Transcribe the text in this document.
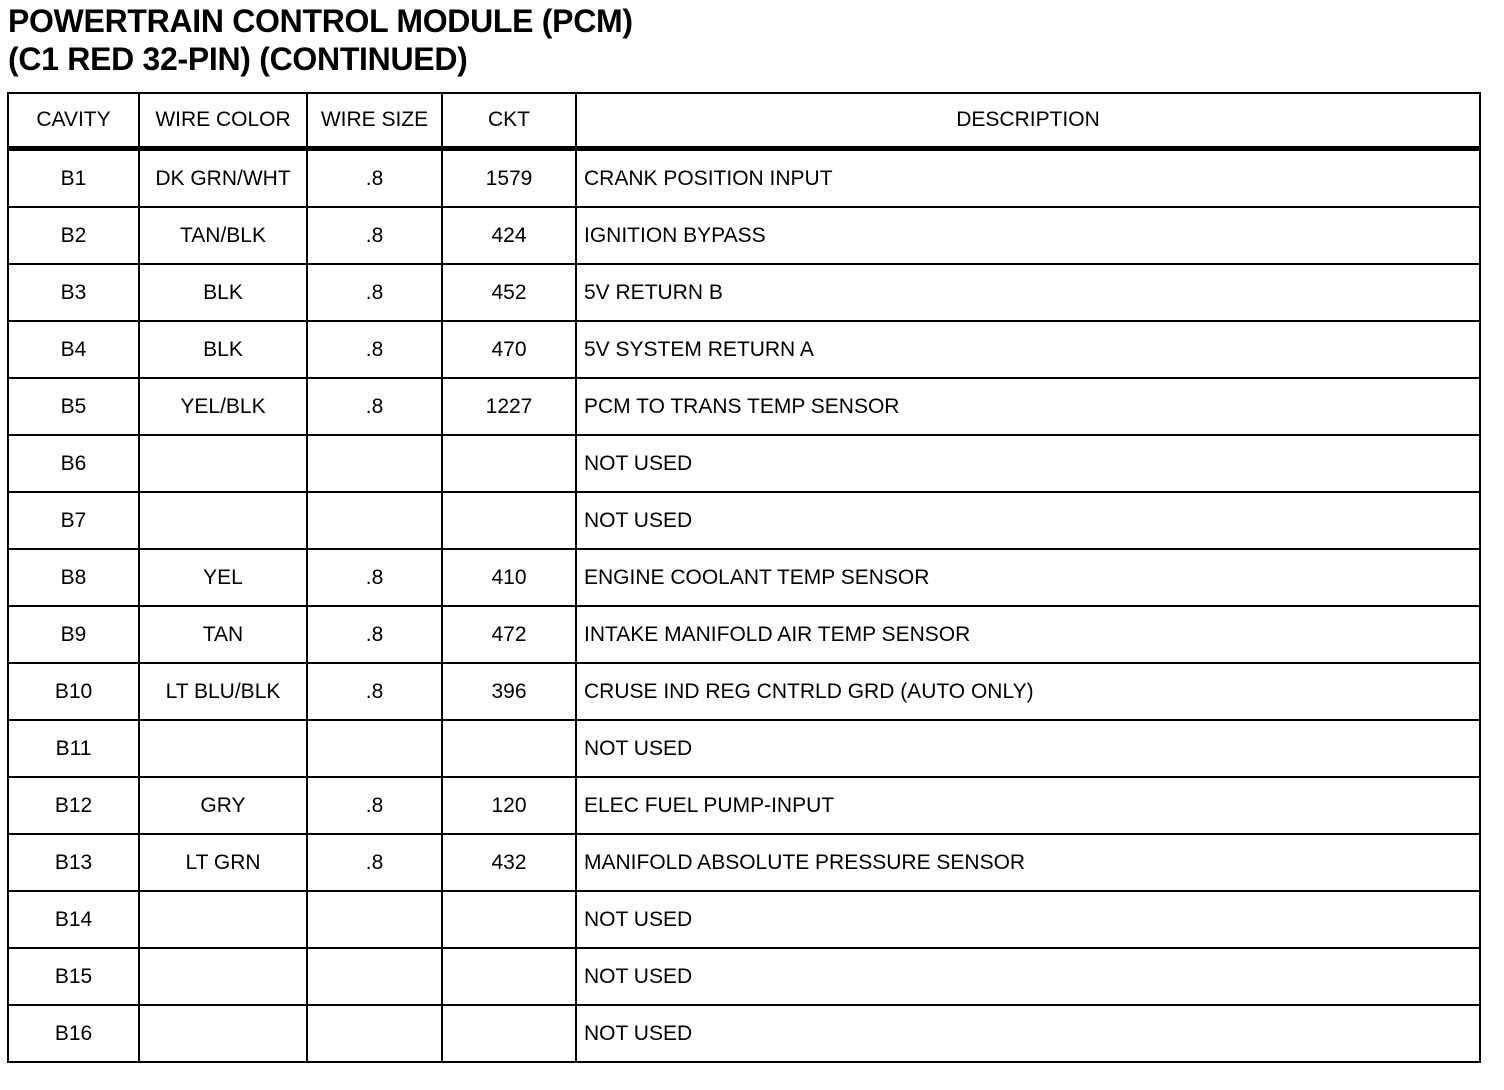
POWERTRAIN CONTROL MODULE (PCM)
(C1 RED 32-PIN) (CONTINUED)
CAVITY	WIRE COLOR	WIRE SIZE	CKT	DESCRIPTION
B1	DK GRN/WHT	.8	1579	CRANK POSITION INPUT
B2	TAN/BLK	.8	424	IGNITION BYPASS
B3	BLK	.8	452	5V RETURN B
B4	BLK	.8	470	5V SYSTEM RETURN A
B5	YEL/BLK	.8	1227	PCM TO TRANS TEMP SENSOR
B6				NOT USED
B7				NOT USED
B8	YEL	.8	410	ENGINE COOLANT TEMP SENSOR
B9	TAN	.8	472	INTAKE MANIFOLD AIR TEMP SENSOR
B10	LT BLU/BLK	.8	396	CRUSE IND REG CNTRLD GRD (AUTO ONLY)
B11				NOT USED
B12	GRY	.8	120	ELEC FUEL PUMP-INPUT
B13	LT GRN	.8	432	MANIFOLD ABSOLUTE PRESSURE SENSOR
B14				NOT USED
B15				NOT USED
B16				NOT USED
